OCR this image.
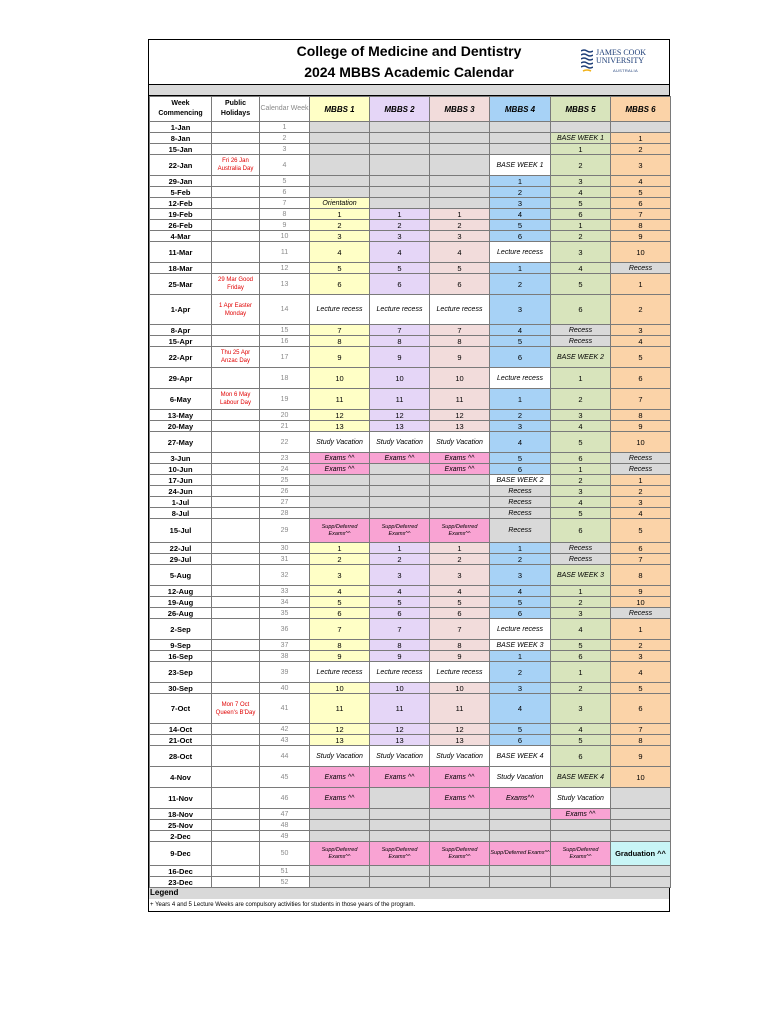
College of Medicine and Dentistry
2024 MBBS Academic Calendar
JAMES COOK
UNIVERSITY
AUSTRALIA
Week Commencing	Public Holidays	Calendar Week	MBBS 1	MBBS 2	MBBS 3	MBBS 4	MBBS 5	MBBS 6
1-Jan		1						
8-Jan		2					BASE WEEK 1	1
15-Jan		3					1	2
22-Jan	Fri 26 Jan Australia Day	4				BASE WEEK 1	2	3
29-Jan		5				1	3	4
5-Feb		6				2	4	5
12-Feb		7	Orientation			3	5	6
19-Feb		8	1	1	1	4	6	7
26-Feb		9	2	2	2	5	1	8
4-Mar		10	3	3	3	6	2	9
11-Mar		11	4	4	4	Lecture recess	3	10
18-Mar		12	5	5	5	1	4	Recess
25-Mar	29 Mar Good Friday	13	6	6	6	2	5	1
1-Apr	1 Apr Easter Monday	14	Lecture recess	Lecture recess	Lecture recess	3	6	2
8-Apr		15	7	7	7	4	Recess	3
15-Apr		16	8	8	8	5	Recess	4
22-Apr	Thu 25 Apr Anzac Day	17	9	9	9	6	BASE WEEK 2	5
29-Apr		18	10	10	10	Lecture recess	1	6
6-May	Mon 6 May Labour Day	19	11	11	11	1	2	7
13-May		20	12	12	12	2	3	8
20-May		21	13	13	13	3	4	9
27-May		22	Study Vacation	Study Vacation	Study Vacation	4	5	10
3-Jun		23	Exams ^^	Exams ^^	Exams ^^	5	6	Recess
10-Jun		24	Exams ^^		Exams ^^	6	1	Recess
17-Jun		25				BASE WEEK 2	2	1
24-Jun		26				Recess	3	2
1-Jul		27				Recess	4	3
8-Jul		28				Recess	5	4
15-Jul		29	Supp/Deferred Exams^^	Supp/Deferred Exams^^	Supp/Deferred Exams^^	Recess	6	5
22-Jul		30	1	1	1	1	Recess	6
29-Jul		31	2	2	2	2	Recess	7
5-Aug		32	3	3	3	3	BASE WEEK 3	8
12-Aug		33	4	4	4	4	1	9
19-Aug		34	5	5	5	5	2	10
26-Aug		35	6	6	6	6	3	Recess
2-Sep		36	7	7	7	Lecture recess	4	1
9-Sep		37	8	8	8	BASE WEEK 3	5	2
16-Sep		38	9	9	9	1	6	3
23-Sep		39	Lecture recess	Lecture recess	Lecture recess	2	1	4
30-Sep		40	10	10	10	3	2	5
7-Oct	Mon 7 Oct Queen's B'Day	41	11	11	11	4	3	6
14-Oct		42	12	12	12	5	4	7
21-Oct		43	13	13	13	6	5	8
28-Oct		44	Study Vacation	Study Vacation	Study Vacation	BASE WEEK 4	6	9
4-Nov		45	Exams ^^	Exams ^^	Exams ^^	Study Vacation	BASE WEEK 4	10
11-Nov		46	Exams ^^		Exams ^^	Exams^^	Study Vacation	
18-Nov		47					Exams ^^	
25-Nov		48						
2-Dec		49						
9-Dec		50	Supp/Deferred Exams^^	Supp/Deferred Exams^^	Supp/Deferred Exams^^	Supp/Deferred Exams^^	Supp/Deferred Exams^^	Graduation ^^
16-Dec		51						
23-Dec		52						
Legend
+ Years 4 and 5 Lecture Weeks are compulsory activities for students in those years of the program.
